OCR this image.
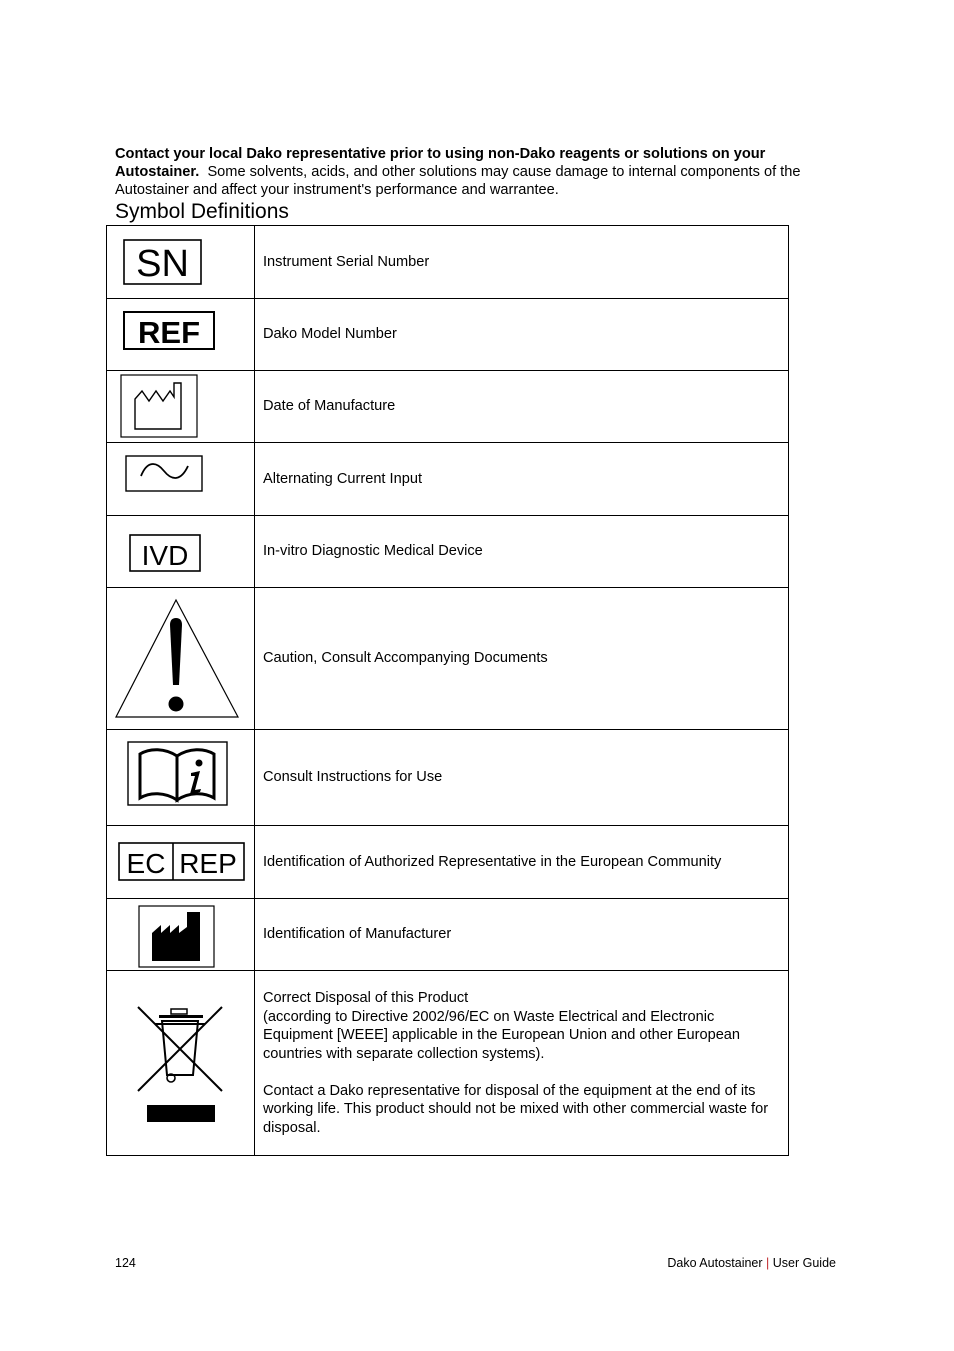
Contact your local Dako representative prior to using non-Dako reagents or solutions on your Autostainer. Some solvents, acids, and other solutions may cause damage to internal components of the Autostainer and affect your instrument's performance and warrantee.

Symbol Definitions
SN	Instrument Serial Number

REF	Dako Model Number

	Date of Manufacture

	Alternating Current Input

IVD	In-vitro Diagnostic Medical Device

	Caution, Consult Accompanying Documents

	Consult Instructions for Use

EC REP	Identification of Authorized Representative in the European Community

	Identification of Manufacturer

Correct Disposal of this Product
(according to Directive 2002/96/EC on Waste Electrical and Electronic Equipment [WEEE] applicable in the European Union and other European countries with separate collection systems).
Contact a Dako representative for disposal of the equipment at the end of its working life. This product should not be mixed with other commercial waste for disposal.
124	Dako Autostainer | User Guide
